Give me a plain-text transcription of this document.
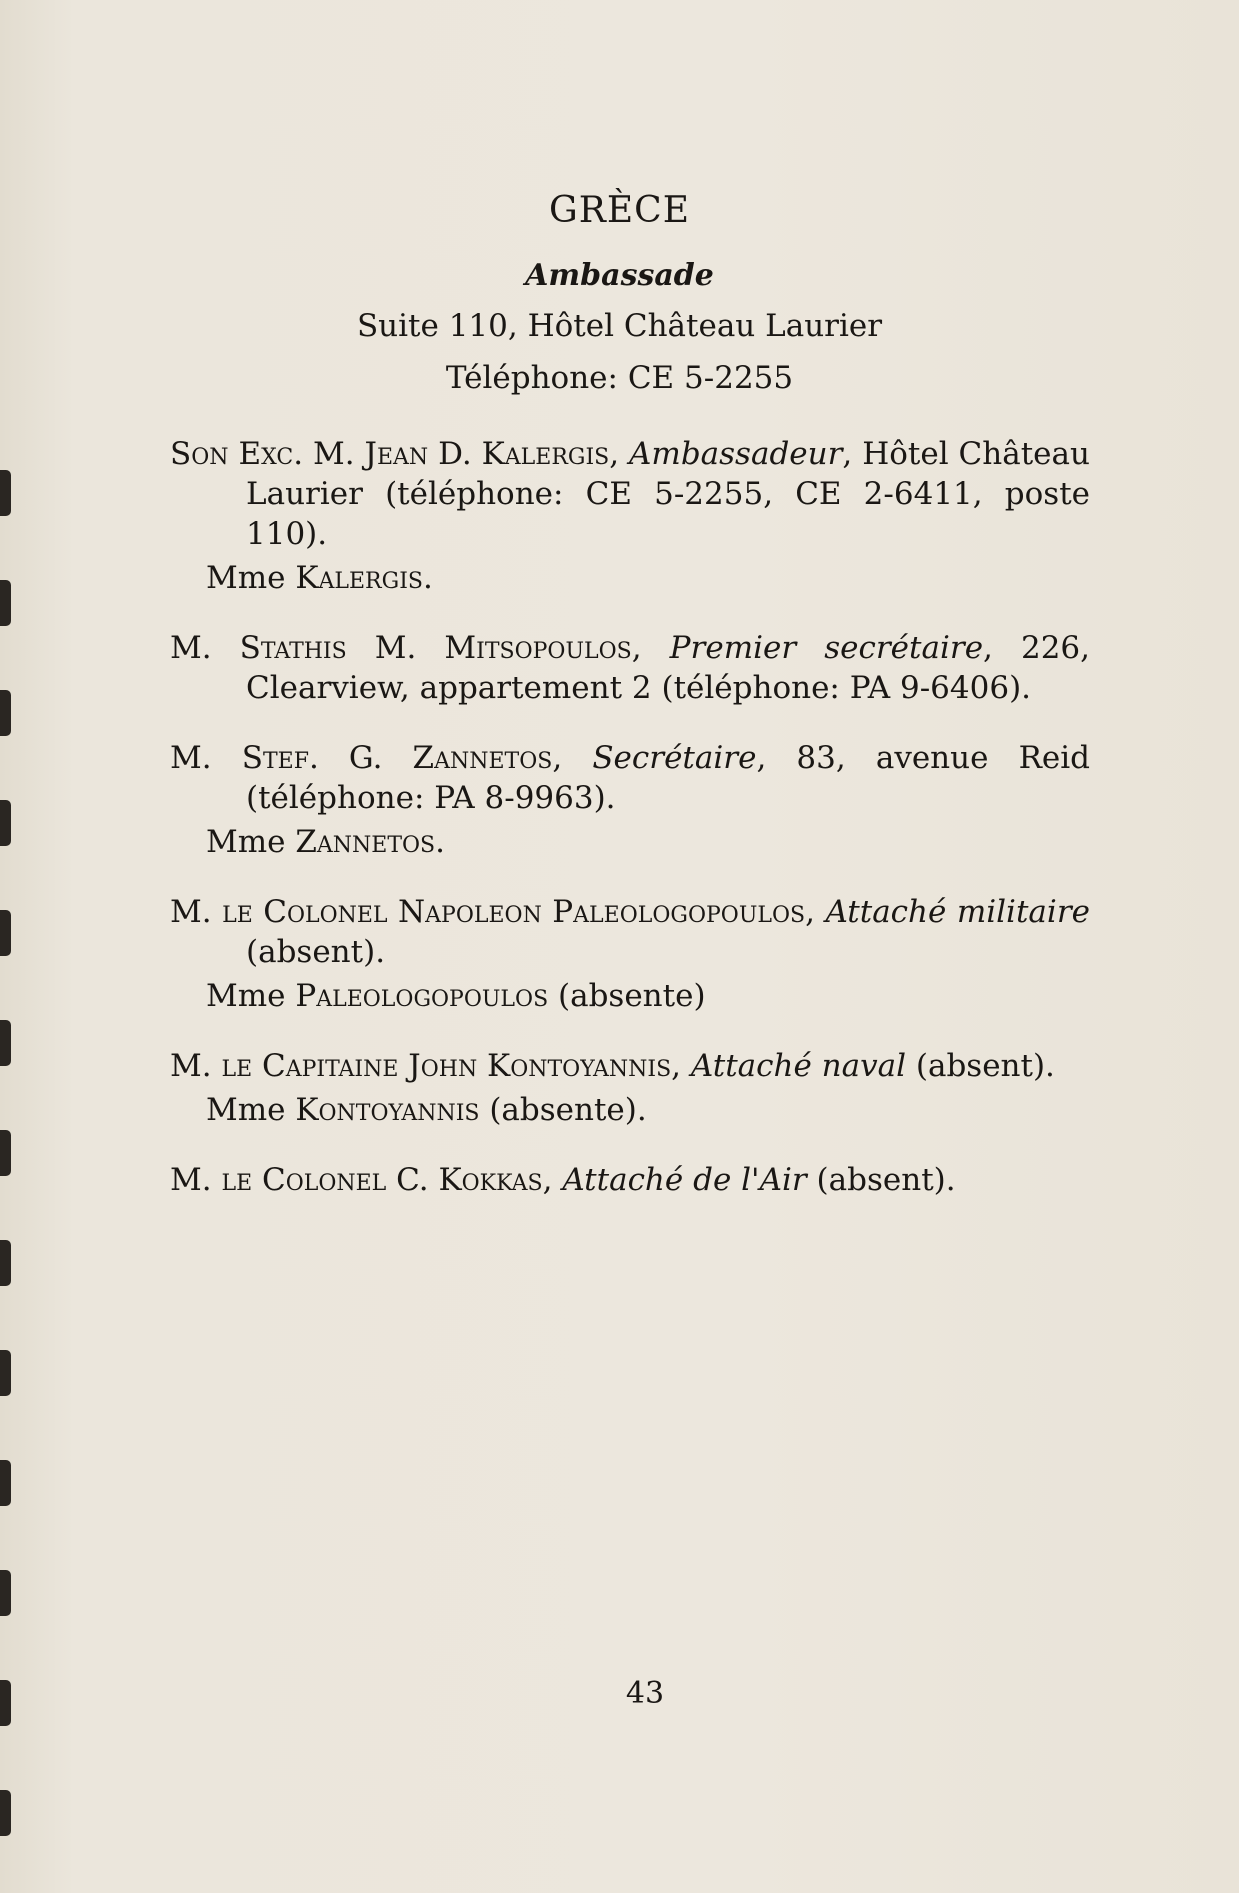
GRÈCE
Ambassade
Suite 110, Hôtel Château Laurier
Téléphone: CE 5-2255
Son Exc. M. Jean D. Kalergis, Ambassadeur, Hôtel Château Laurier (téléphone: CE 5-2255, CE 2-6411, poste 110).
Mme Kalergis.
M. Stathis M. Mitsopoulos, Premier secrétaire, 226, Clearview, appartement 2 (téléphone: PA 9-6406).
M. Stef. G. Zannetos, Secrétaire, 83, avenue Reid (téléphone: PA 8-9963).
Mme Zannetos.
M. le Colonel Napoleon Paleologopoulos, Attaché militaire (absent).
Mme Paleologopoulos (absente)
M. le Capitaine John Kontoyannis, Attaché naval (absent).
Mme Kontoyannis (absente).
M. le Colonel C. Kokkas, Attaché de l'Air (absent).
43
